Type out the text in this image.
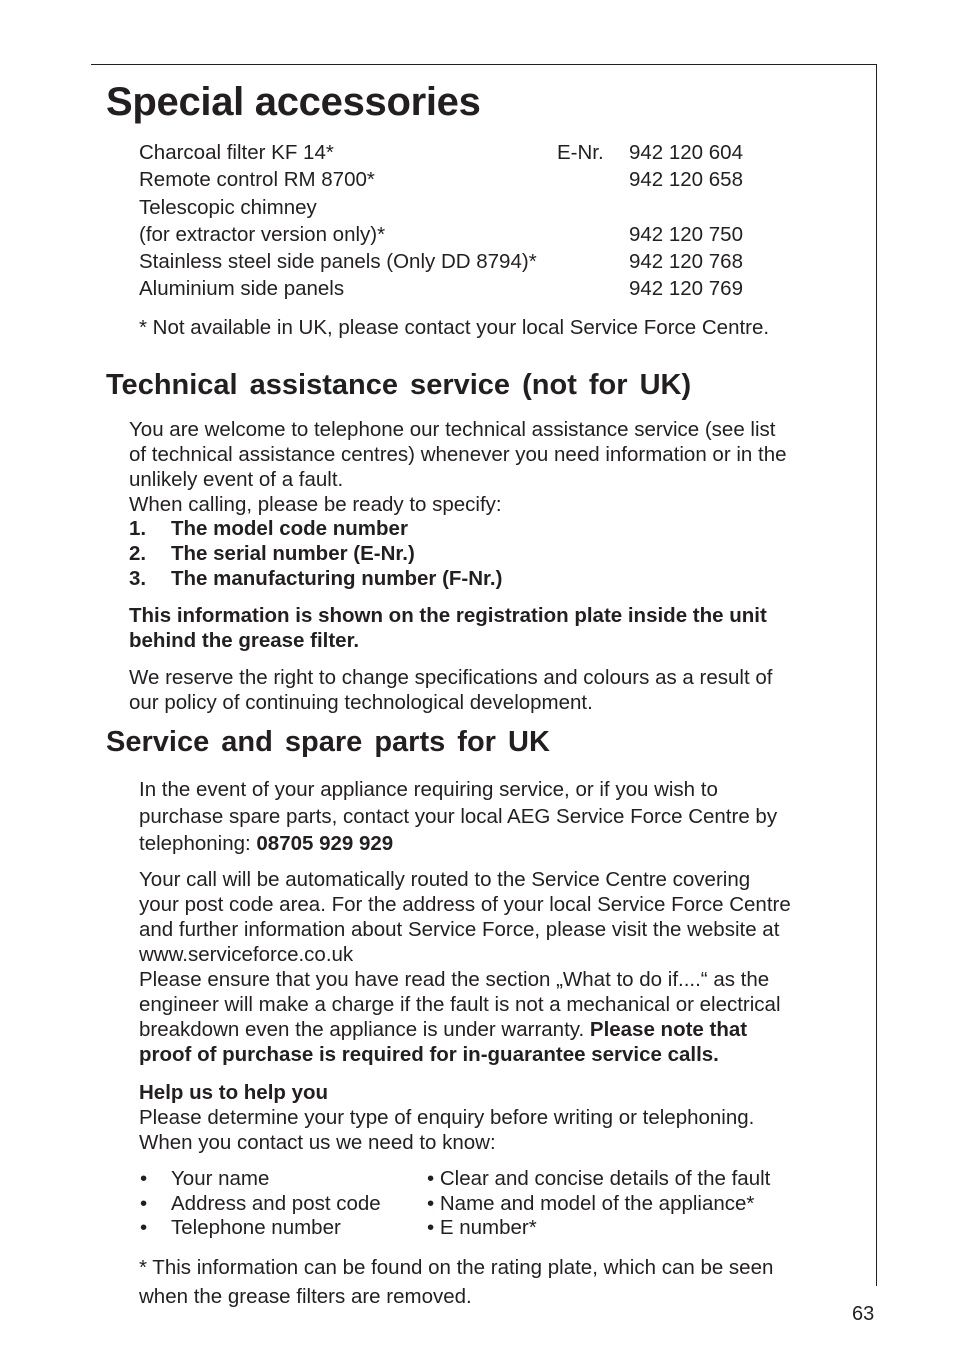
Special accessories
Charcoal filter KF 14*	E-Nr.	942 120 604
Remote control RM 8700*	942 120 658
Telescopic chimney
(for extractor version only)*	942 120 750
Stainless steel side panels (Only DD 8794)*	942 120 768
Aluminium side panels	942 120 769
* Not available in UK, please contact your local Service Force Centre.
Technical assistance service (not for UK)
You are welcome to telephone our technical assistance service (see list
of technical assistance centres) whenever you need information or in the
unlikely event of a fault.
When calling, please be ready to specify:
1. The model code number
2. The serial number (E-Nr.)
3. The manufacturing number (F-Nr.)
This information is shown on the registration plate inside the unit
behind the grease filter.
We reserve the right to change specifications and colours as a result of
our policy of continuing technological development.
Service and spare parts for UK
In the event of your appliance requiring service, or if you wish to
purchase spare parts, contact your local AEG Service Force Centre by
telephoning: 08705 929 929
Your call will be automatically routed to the Service Centre covering
your post code area. For the address of your local Service Force Centre
and further information about Service Force, please visit the website at
www.serviceforce.co.uk
Please ensure that you have read the section „What to do if....“ as the
engineer will make a charge if the fault is not a mechanical or electrical
breakdown even the appliance is under warranty. Please note that
proof of purchase is required for in-guarantee service calls.
Help us to help you
Please determine your type of enquiry before writing or telephoning.
When you contact us we need to know:
• Your name	• Clear and concise details of the fault
• Address and post code • Name and model of the appliance*
• Telephone number	• E number*
* This information can be found on the rating plate, which can be seen
when the grease filters are removed.
63
